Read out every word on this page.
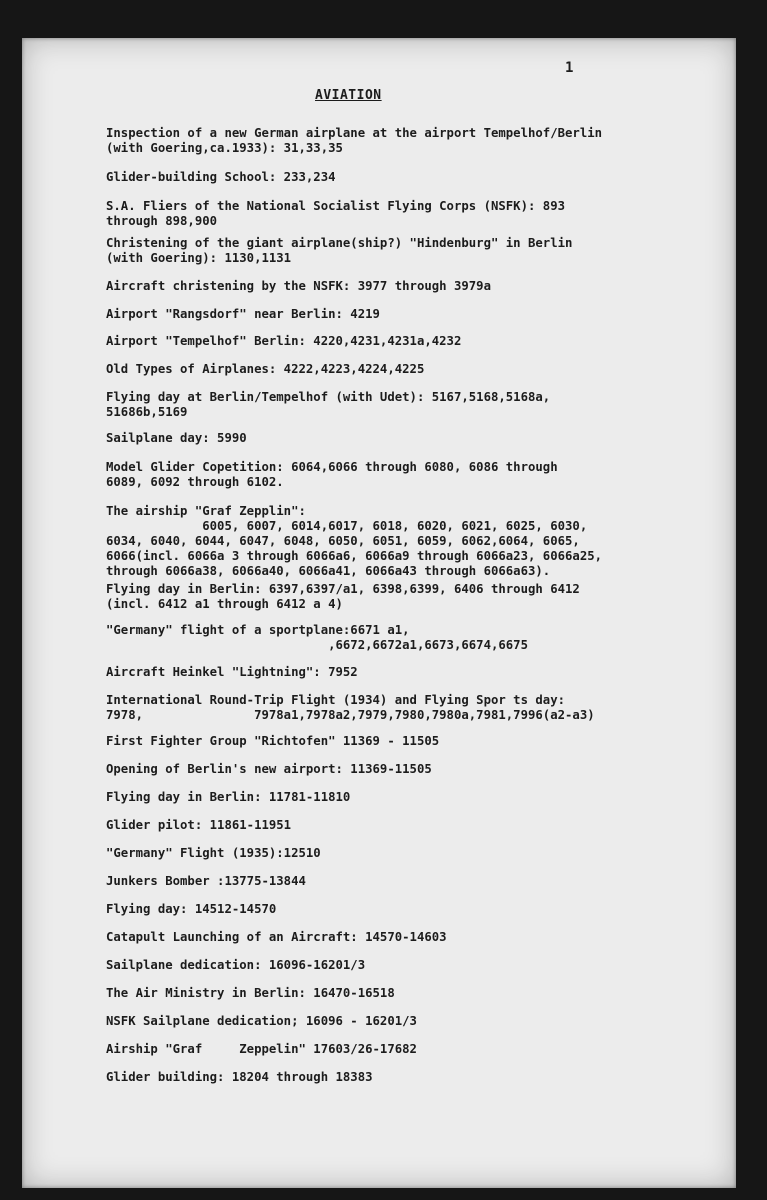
1
AVIATION
Inspection of a new German airplane at the airport Tempelhof/Berlin
(with Goering,ca.1933): 31,33,35
Glider-building School: 233,234
S.A. Fliers of the National Socialist Flying Corps (NSFK): 893
through 898,900
Christening of the giant airplane(ship?) "Hindenburg" in Berlin
(with Goering): 1130,1131
Aircraft christening by the NSFK: 3977 through 3979a
Airport "Rangsdorf" near Berlin: 4219
Airport "Tempelhof" Berlin: 4220,4231,4231a,4232
Old Types of Airplanes: 4222,4223,4224,4225
Flying day at Berlin/Tempelhof (with Udet): 5167,5168,5168a,
51686b,5169
Sailplane day: 5990
Model Glider Copetition: 6064,6066 through 6080, 6086 through
6089, 6092 through 6102.
The airship "Graf Zepplin":
6005, 6007, 6014,6017, 6018, 6020, 6021, 6025, 6030,
6034, 6040, 6044, 6047, 6048, 6050, 6051, 6059, 6062,6064, 6065,
6066(incl. 6066a 3 through 6066a6, 6066a9 through 6066a23, 6066a25,
through 6066a38, 6066a40, 6066a41, 6066a43 through 6066a63).
Flying day in Berlin: 6397,6397/a1, 6398,6399, 6406 through 6412
(incl. 6412 a1 through 6412 a 4)
"Germany" flight of a sportplane:6671 a1,
,6672,6672a1,6673,6674,6675
Aircraft Heinkel "Lightning": 7952
International Round-Trip Flight (1934) and Flying Spor ts day:
7978,               7978a1,7978a2,7979,7980,7980a,7981,7996(a2-a3)
First Fighter Group "Richtofen" 11369 - 11505
Opening of Berlin's new airport: 11369-11505
Flying day in Berlin: 11781-11810
Glider pilot: 11861-11951
"Germany" Flight (1935):12510
Junkers Bomber :13775-13844
Flying day: 14512-14570
Catapult Launching of an Aircraft: 14570-14603
Sailplane dedication: 16096-16201/3
The Air Ministry in Berlin: 16470-16518
NSFK Sailplane dedication; 16096 - 16201/3
Airship "Graf     Zeppelin" 17603/26-17682
Glider building: 18204 through 18383
